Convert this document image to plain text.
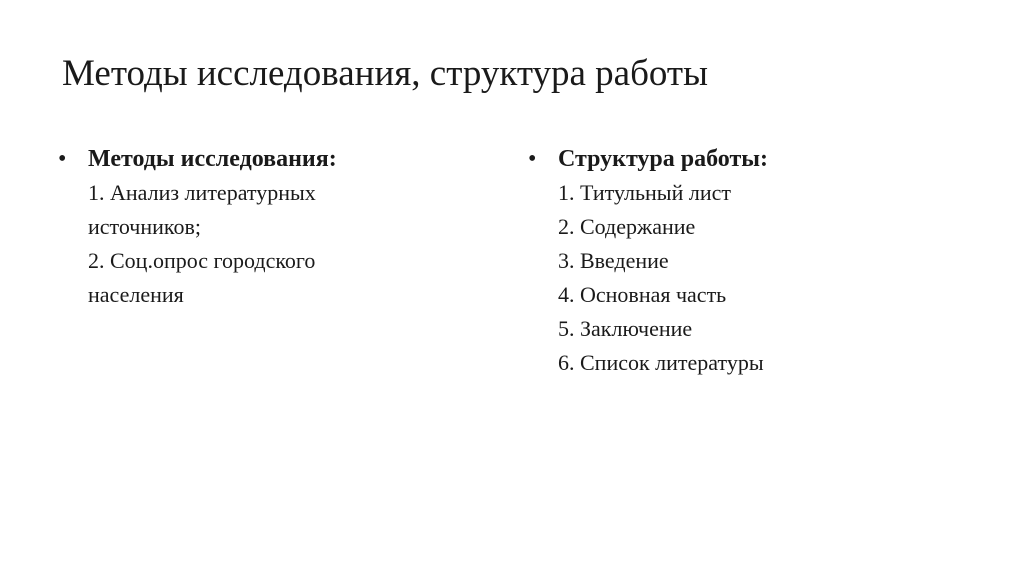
Методы исследования, структура работы
• Методы исследования:
1. Анализ литературных
источников;
2. Соц.опрос городского
населения
• Структура работы:
1. Титульный лист
2. Содержание
3. Введение
4. Основная часть
5. Заключение
6. Список литературы
